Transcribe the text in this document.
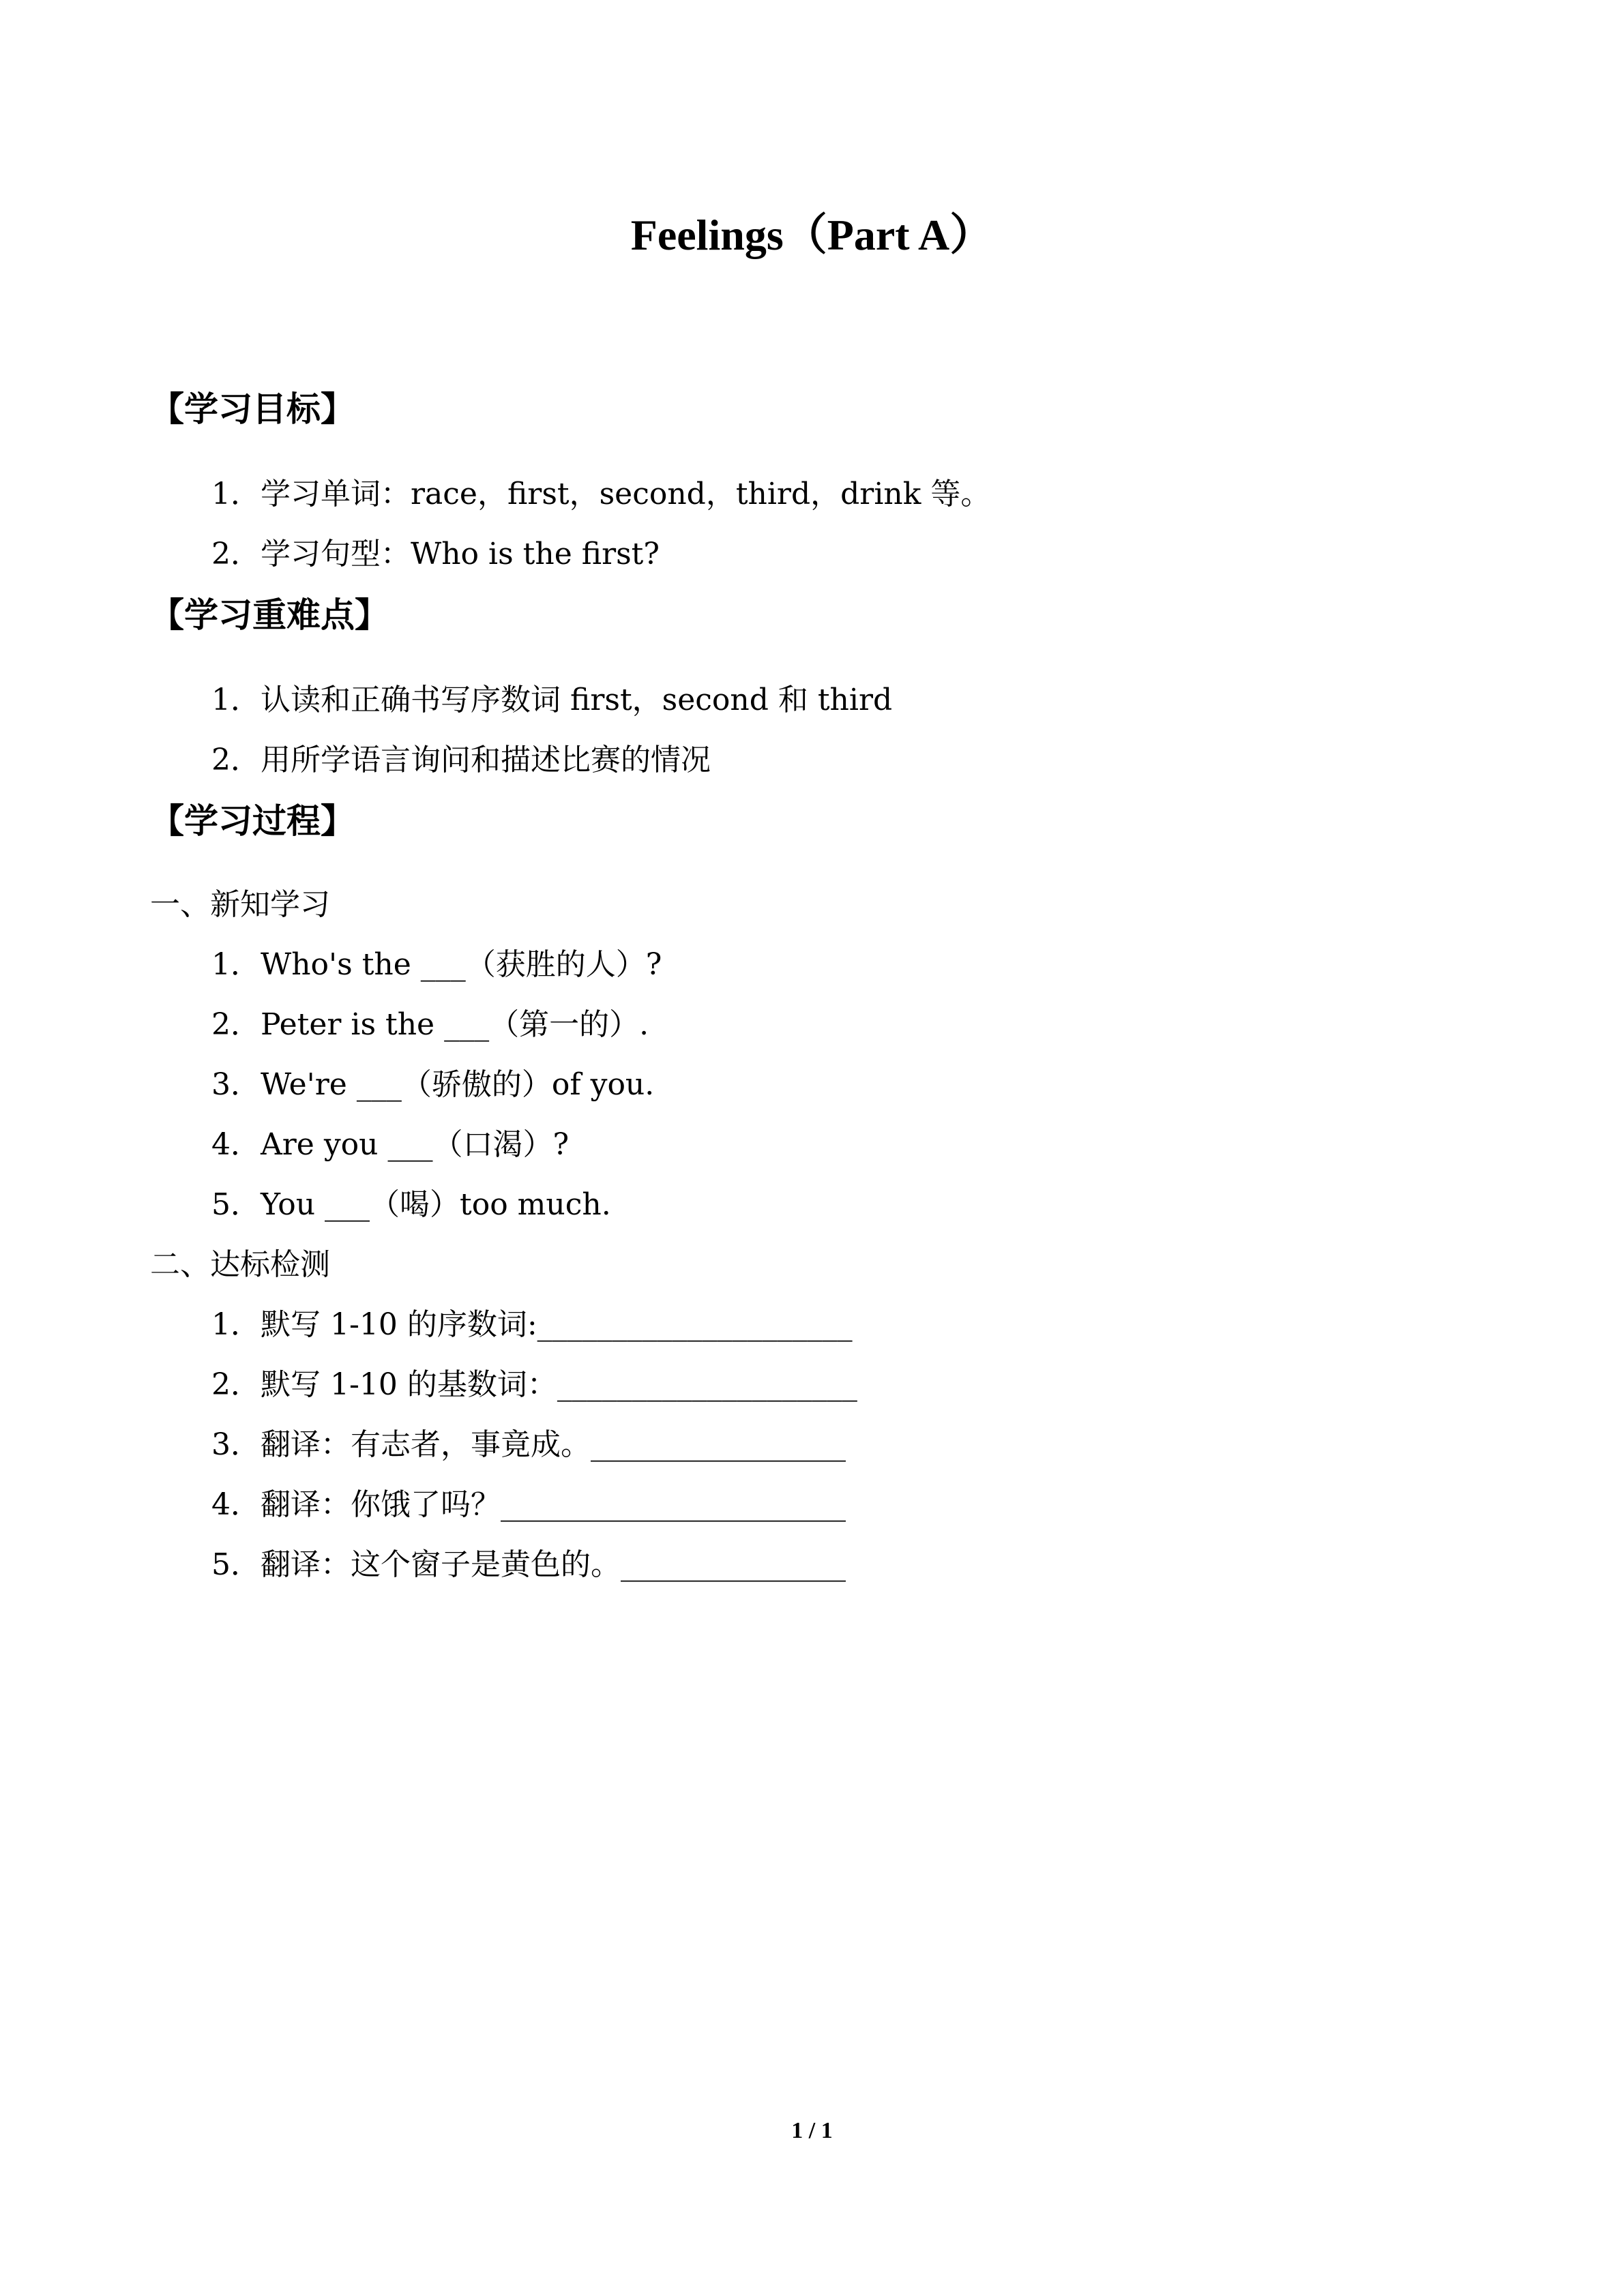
Feelings（Part A）
【学习目标】
1．学习单词：race，first，second，third，drink 等。
2．学习句型：Who is the first?
【学习重难点】
1．认读和正确书写序数词 first，second 和 third
2．用所学语言询问和描述比赛的情况
【学习过程】
一、新知学习
1．Who's the ___（获胜的人）?
2．Peter is the ___（第一的）.
3．We're ___（骄傲的）of you.
4．Are you ___（口渴）?
5．You ___（喝）too much.
二、达标检测
1．默写 1-10 的序数词:_____________________
2．默写 1-10 的基数词：____________________
3．翻译：有志者，事竟成。_________________
4．翻译：你饿了吗？_______________________
5．翻译：这个窗子是黄色的。_______________
1 / 1
